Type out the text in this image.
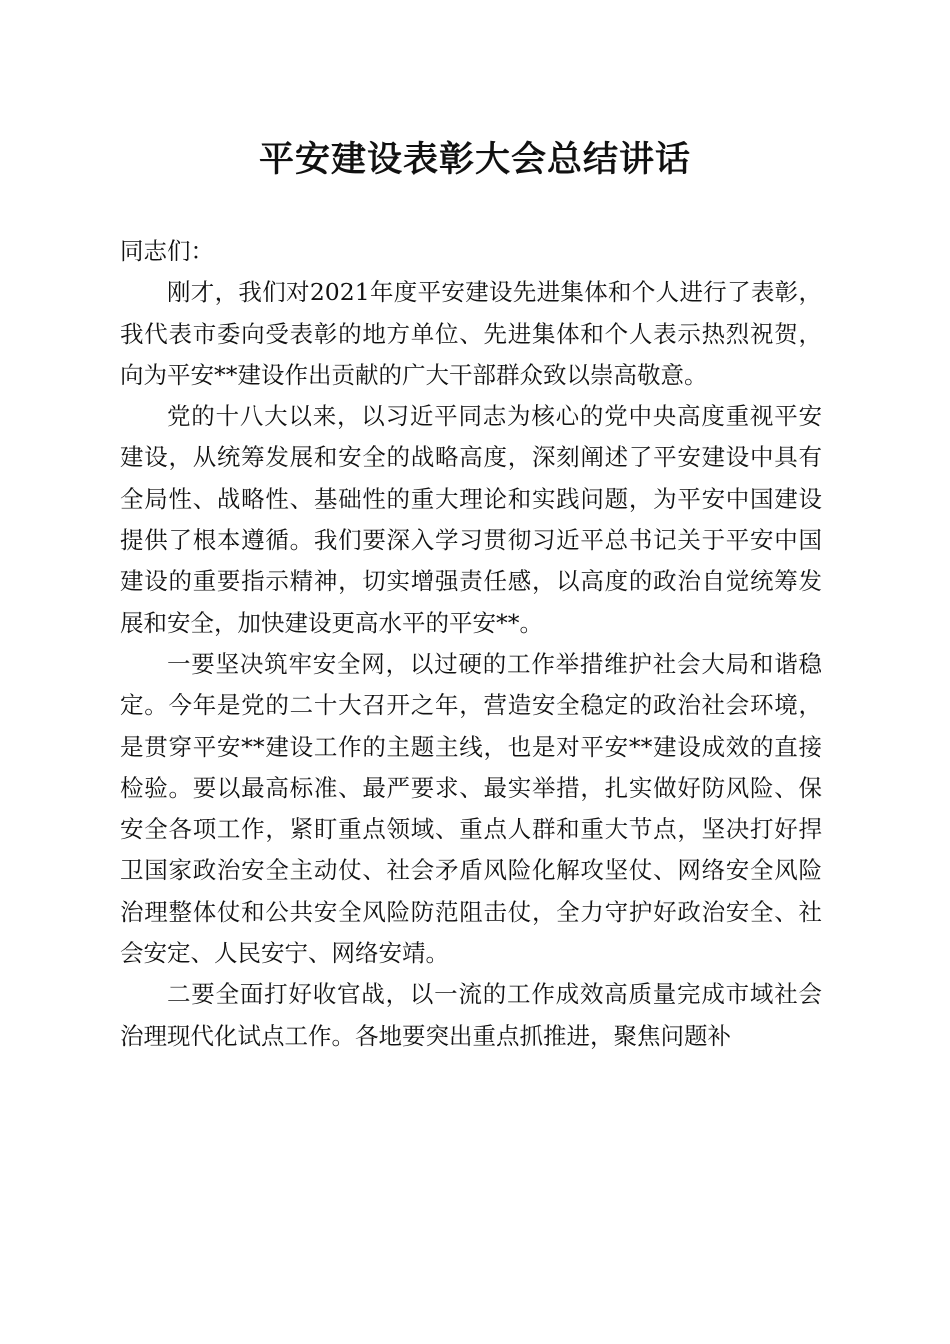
平安建设表彰大会总结讲话

同志们：

刚才，我们对2021年度平安建设先进集体和个人进行了表彰，我代表市委向受表彰的地方单位、先进集体和个人表示热烈祝贺，向为平安**建设作出贡献的广大干部群众致以崇高敬意。

党的十八大以来，以习近平同志为核心的党中央高度重视平安建设，从统筹发展和安全的战略高度，深刻阐述了平安建设中具有全局性、战略性、基础性的重大理论和实践问题，为平安中国建设提供了根本遵循。我们要深入学习贯彻习近平总书记关于平安中国建设的重要指示精神，切实增强责任感，以高度的政治自觉统筹发展和安全，加快建设更高水平的平安**。

一要坚决筑牢安全网，以过硬的工作举措维护社会大局和谐稳定。今年是党的二十大召开之年，营造安全稳定的政治社会环境，是贯穿平安**建设工作的主题主线，也是对平安**建设成效的直接检验。要以最高标准、最严要求、最实举措，扎实做好防风险、保安全各项工作，紧盯重点领域、重点人群和重大节点，坚决打好捍卫国家政治安全主动仗、社会矛盾风险化解攻坚仗、网络安全风险治理整体仗和公共安全风险防范阻击仗，全力守护好政治安全、社会安定、人民安宁、网络安靖。

二要全面打好收官战，以一流的工作成效高质量完成市域社会治理现代化试点工作。各地要突出重点抓推进，聚焦问题补
